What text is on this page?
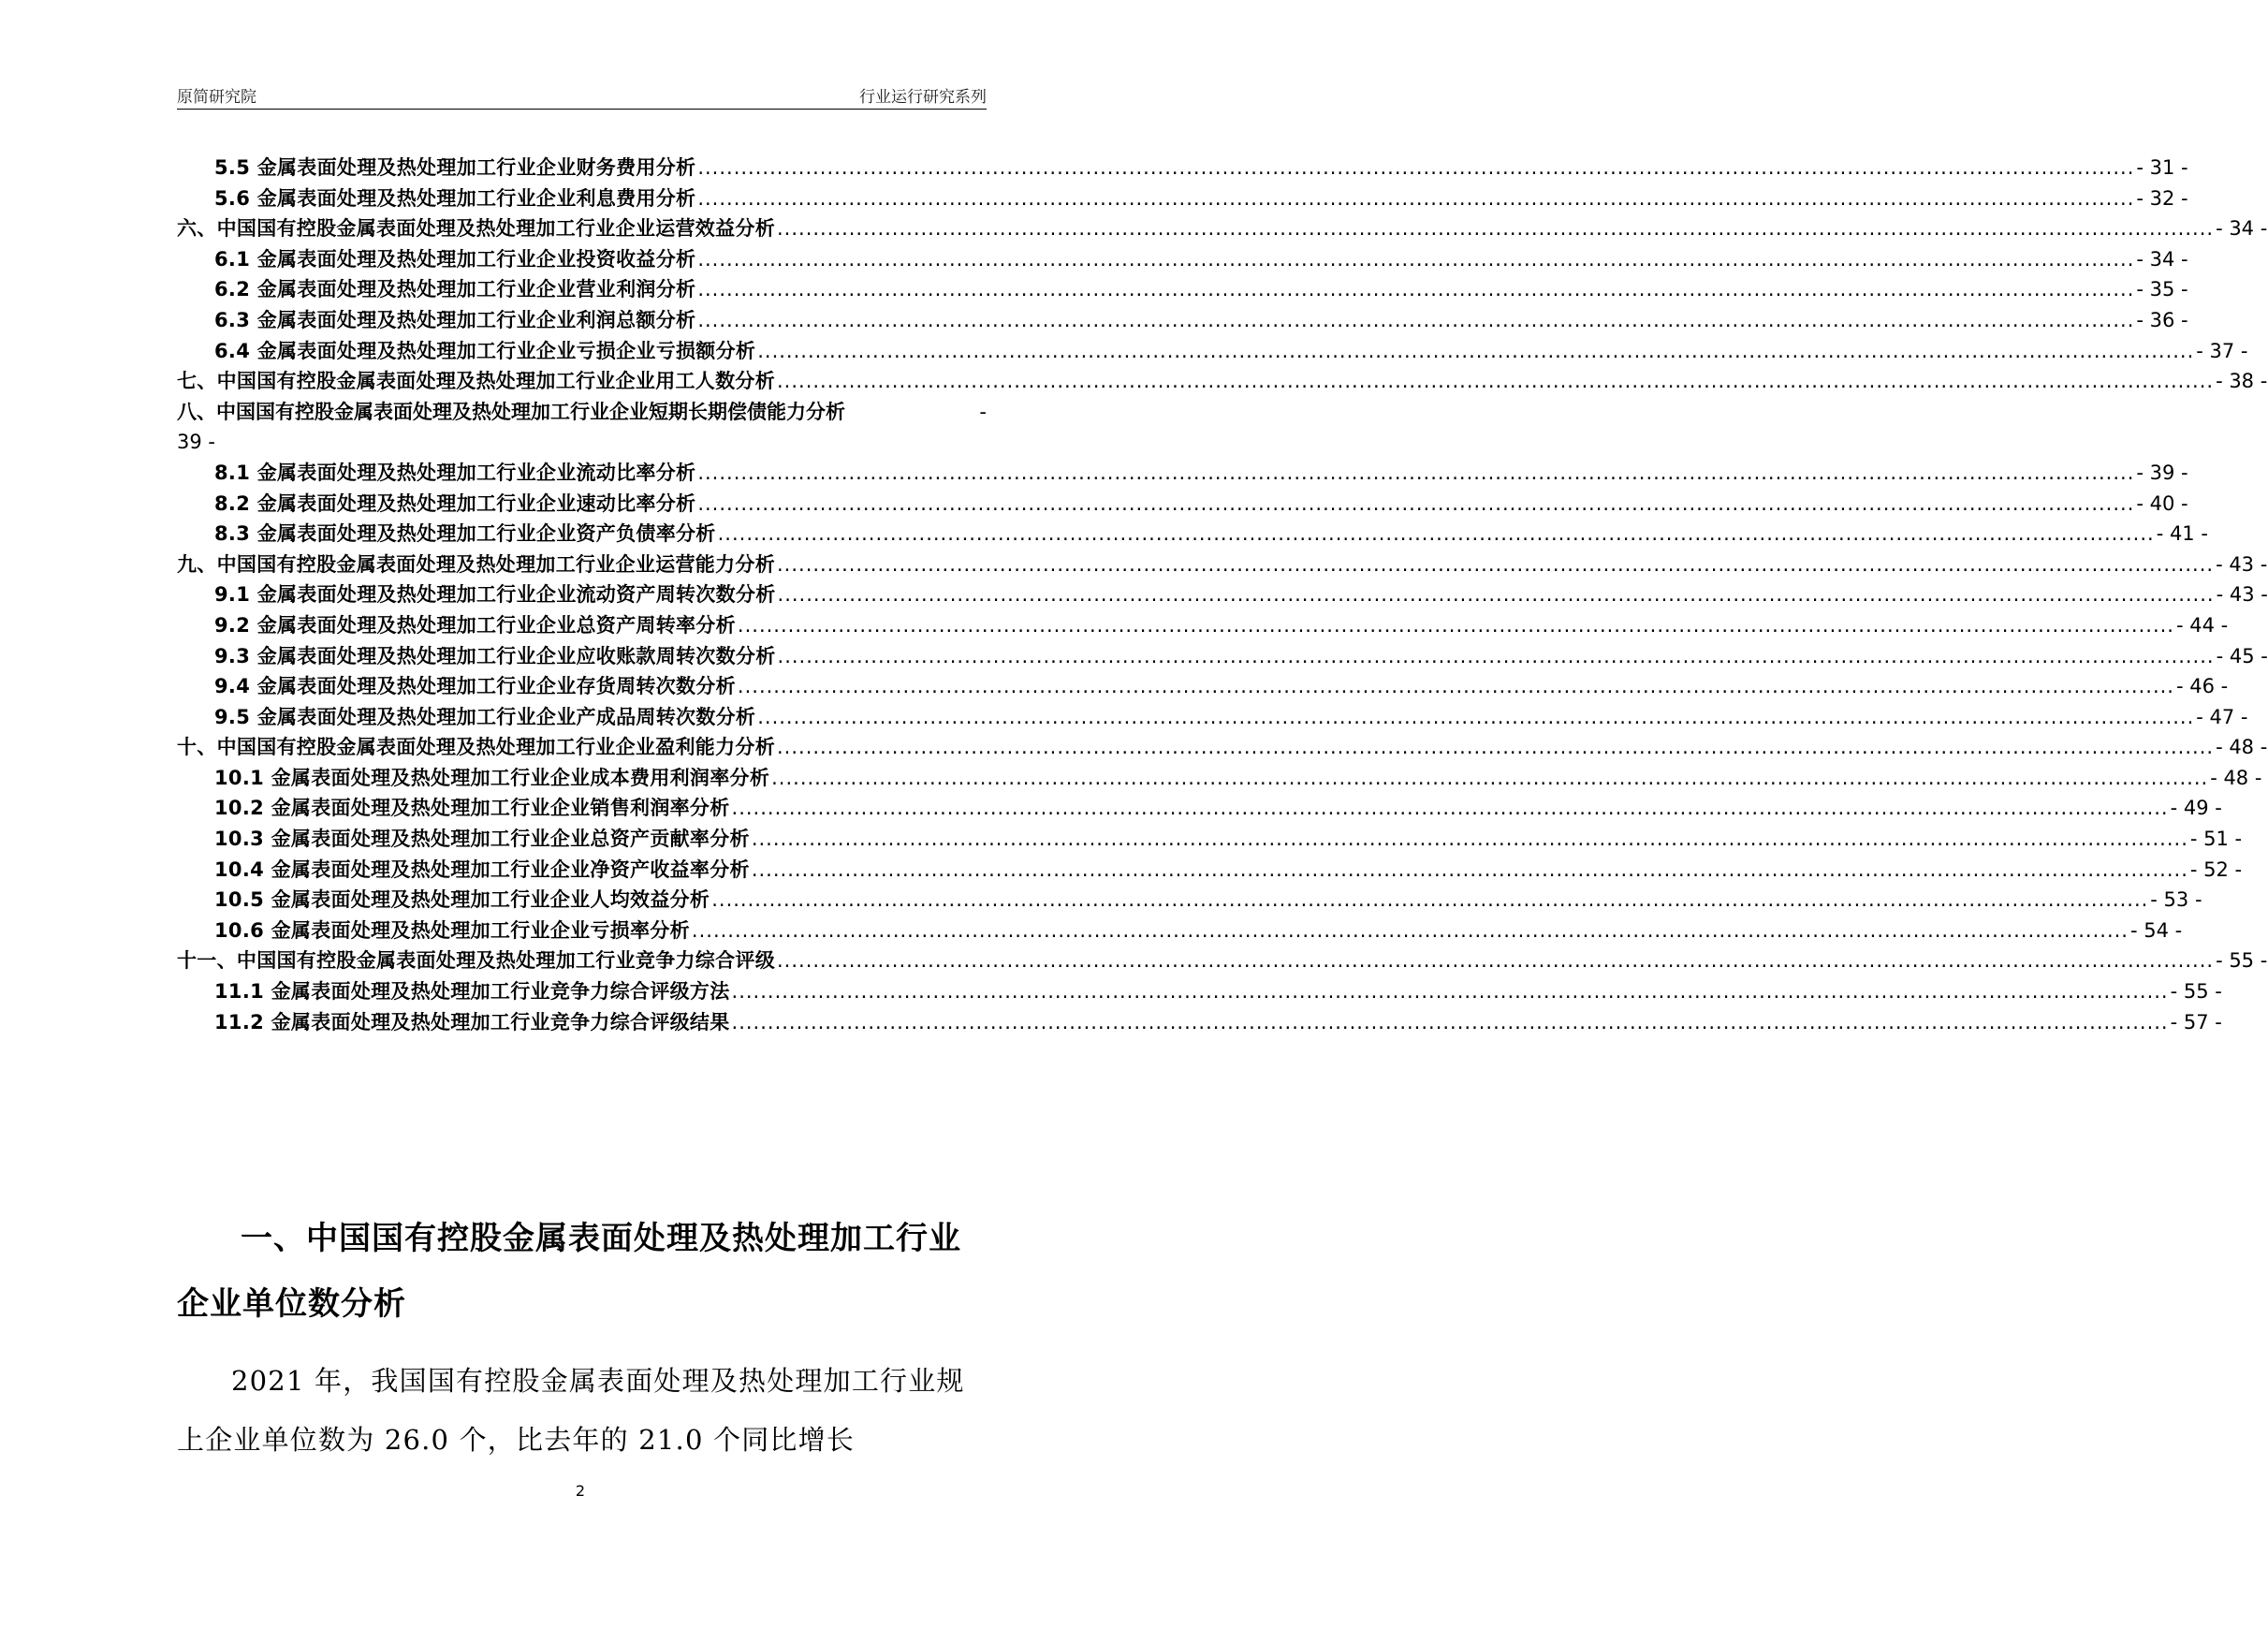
原简研究院	行业运行研究系列
5.5 金属表面处理及热处理加工行业企业财务费用分析 ........................................................................................................................................................................................................ - 31 -
5.6 金属表面处理及热处理加工行业企业利息费用分析 ........................................................................................................................................................................................................ - 32 -
六、中国国有控股金属表面处理及热处理加工行业企业运营效益分析 ........................................................................................................................................................................................................ - 34 -
6.1 金属表面处理及热处理加工行业企业投资收益分析 ........................................................................................................................................................................................................ - 34 -
6.2 金属表面处理及热处理加工行业企业营业利润分析 ........................................................................................................................................................................................................ - 35 -
6.3 金属表面处理及热处理加工行业企业利润总额分析 ........................................................................................................................................................................................................ - 36 -
6.4 金属表面处理及热处理加工行业企业亏损企业亏损额分析 ........................................................................................................................................................................................................ - 37 -
七、中国国有控股金属表面处理及热处理加工行业企业用工人数分析 ........................................................................................................................................................................................................ - 38 -
八、中国国有控股金属表面处理及热处理加工行业企业短期长期偿债能力分析	-
39 -
8.1 金属表面处理及热处理加工行业企业流动比率分析 ........................................................................................................................................................................................................ - 39 -
8.2 金属表面处理及热处理加工行业企业速动比率分析 ........................................................................................................................................................................................................ - 40 -
8.3 金属表面处理及热处理加工行业企业资产负债率分析 ........................................................................................................................................................................................................ - 41 -
九、中国国有控股金属表面处理及热处理加工行业企业运营能力分析 ........................................................................................................................................................................................................ - 43 -
9.1 金属表面处理及热处理加工行业企业流动资产周转次数分析 ........................................................................................................................................................................................................ - 43 -
9.2 金属表面处理及热处理加工行业企业总资产周转率分析 ........................................................................................................................................................................................................ - 44 -
9.3 金属表面处理及热处理加工行业企业应收账款周转次数分析 ........................................................................................................................................................................................................ - 45 -
9.4 金属表面处理及热处理加工行业企业存货周转次数分析 ........................................................................................................................................................................................................ - 46 -
9.5 金属表面处理及热处理加工行业企业产成品周转次数分析 ........................................................................................................................................................................................................ - 47 -
十、中国国有控股金属表面处理及热处理加工行业企业盈利能力分析 ........................................................................................................................................................................................................ - 48 -
10.1 金属表面处理及热处理加工行业企业成本费用利润率分析 ........................................................................................................................................................................................................ - 48 -
10.2 金属表面处理及热处理加工行业企业销售利润率分析 ........................................................................................................................................................................................................ - 49 -
10.3 金属表面处理及热处理加工行业企业总资产贡献率分析 ........................................................................................................................................................................................................ - 51 -
10.4 金属表面处理及热处理加工行业企业净资产收益率分析 ........................................................................................................................................................................................................ - 52 -
10.5 金属表面处理及热处理加工行业企业人均效益分析 ........................................................................................................................................................................................................ - 53 -
10.6 金属表面处理及热处理加工行业企业亏损率分析 ........................................................................................................................................................................................................ - 54 -
十一、中国国有控股金属表面处理及热处理加工行业竞争力综合评级 ........................................................................................................................................................................................................ - 55 -
11.1 金属表面处理及热处理加工行业竞争力综合评级方法 ........................................................................................................................................................................................................ - 55 -
11.2 金属表面处理及热处理加工行业竞争力综合评级结果 ........................................................................................................................................................................................................ - 57 -
一、中国国有控股金属表面处理及热处理加工行业企业单位数分析
2021 年，我国国有控股金属表面处理及热处理加工行业规上企业单位数为 26.0 个，比去年的 21.0 个同比增长
2
